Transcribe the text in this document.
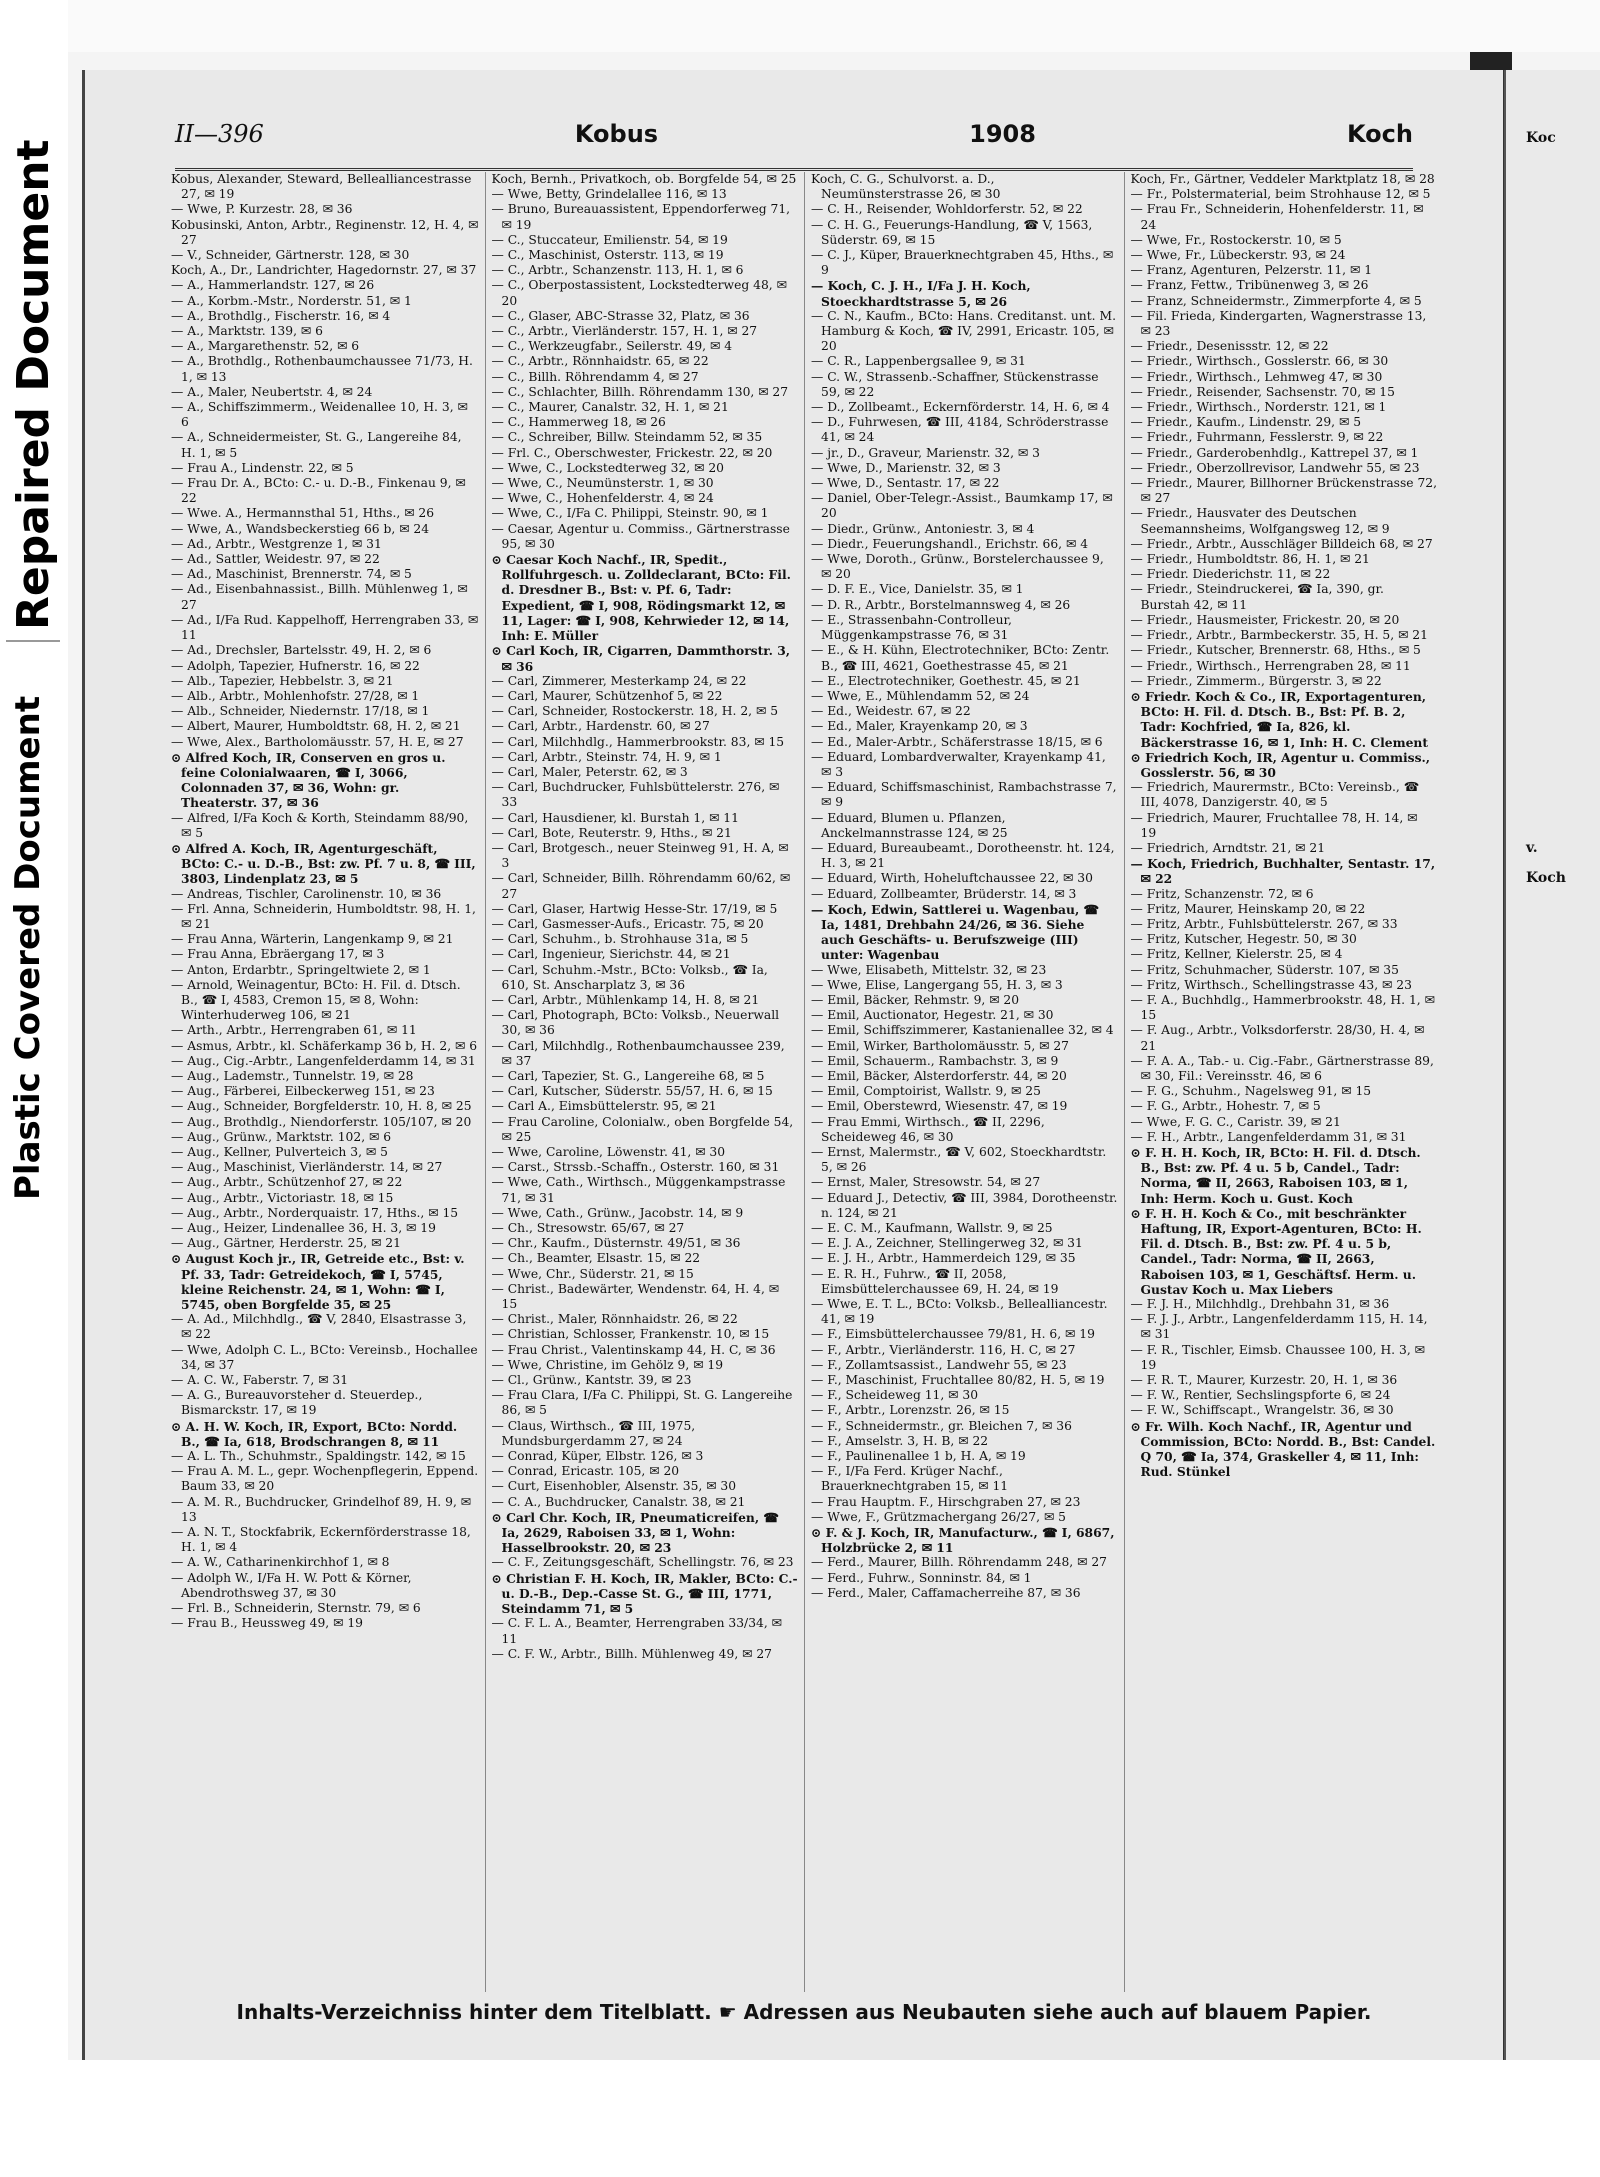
Repaired Document
Plastic Covered Document
II—396	Kobus	1908	Koch

Kobus, Alexander, Steward, Bellealliancestrasse 27, ✉ 19

— Wwe, P. Kurzestr. 28, ✉ 36

Kobusinski, Anton, Arbtr., Reginenstr. 12, H. 4, ✉ 27

— V., Schneider, Gärtnerstr. 128, ✉ 30

Koch, A., Dr., Landrichter, Hagedornstr. 27, ✉ 37

— A., Hammerlandstr. 127, ✉ 26

— A., Korbm.-Mstr., Norderstr. 51, ✉ 1

— A., Brothdlg., Fischerstr. 16, ✉ 4

— A., Marktstr. 139, ✉ 6

— A., Margarethenstr. 52, ✉ 6

— A., Brothdlg., Rothenbaumchaussee 71/73, H. 1, ✉ 13

— A., Maler, Neubertstr. 4, ✉ 24

— A., Schiffszimmerm., Weidenallee 10, H. 3, ✉ 6

— A., Schneidermeister, St. G., Langereihe 84, H. 1, ✉ 5

— Frau A., Lindenstr. 22, ✉ 5

— Frau Dr. A., BCto: C.- u. D.-B., Finkenau 9, ✉ 22

— Wwe. A., Hermannsthal 51, Hths., ✉ 26

— Wwe, A., Wandsbeckerstieg 66 b, ✉ 24

— Ad., Arbtr., Westgrenze 1, ✉ 31

— Ad., Sattler, Weidestr. 97, ✉ 22

— Ad., Maschinist, Brennerstr. 74, ✉ 5

— Ad., Eisenbahnassist., Billh. Mühlenweg 1, ✉ 27

— Ad., I/Fa Rud. Kappelhoff, Herrengraben 33, ✉ 11

— Ad., Drechsler, Bartelsstr. 49, H. 2, ✉ 6

— Adolph, Tapezier, Hufnerstr. 16, ✉ 22

— Alb., Tapezier, Hebbelstr. 3, ✉ 21

— Alb., Arbtr., Mohlenhofstr. 27/28, ✉ 1

— Alb., Schneider, Niedernstr. 17/18, ✉ 1

— Albert, Maurer, Humboldtstr. 68, H. 2, ✉ 21

— Wwe, Alex., Bartholomäusstr. 57, H. E, ✉ 27

⊙ Alfred Koch, IR, Conserven en gros u. feine Colonialwaaren, ☎ I, 3066, Colonnaden 37, ✉ 36, Wohn: gr. Theaterstr. 37, ✉ 36

— Alfred, I/Fa Koch & Korth, Steindamm 88/90, ✉ 5

⊙ Alfred A. Koch, IR, Agenturgeschäft, BCto: C.- u. D.-B., Bst: zw. Pf. 7 u. 8, ☎ III, 3803, Lindenplatz 23, ✉ 5

— Andreas, Tischler, Carolinenstr. 10, ✉ 36

— Frl. Anna, Schneiderin, Humboldtstr. 98, H. 1, ✉ 21

— Frau Anna, Wärterin, Langenkamp 9, ✉ 21

— Frau Anna, Ebräergang 17, ✉ 3

— Anton, Erdarbtr., Springeltwiete 2, ✉ 1

— Arnold, Weinagentur, BCto: H. Fil. d. Dtsch. B., ☎ I, 4583, Cremon 15, ✉ 8, Wohn: Winterhuderweg 106, ✉ 21

— Arth., Arbtr., Herrengraben 61, ✉ 11

— Asmus, Arbtr., kl. Schäferkamp 36 b, H. 2, ✉ 6

— Aug., Cig.-Arbtr., Langenfelderdamm 14, ✉ 31

— Aug., Lademstr., Tunnelstr. 19, ✉ 28

— Aug., Färberei, Eilbeckerweg 151, ✉ 23

— Aug., Schneider, Borgfelderstr. 10, H. 8, ✉ 25

— Aug., Brothdlg., Niendorferstr. 105/107, ✉ 20

— Aug., Grünw., Marktstr. 102, ✉ 6

— Aug., Kellner, Pulverteich 3, ✉ 5

— Aug., Maschinist, Vierländerstr. 14, ✉ 27

— Aug., Arbtr., Schützenhof 27, ✉ 22

— Aug., Arbtr., Victoriastr. 18, ✉ 15

— Aug., Arbtr., Norderquaistr. 17, Hths., ✉ 15

— Aug., Heizer, Lindenallee 36, H. 3, ✉ 19

— Aug., Gärtner, Herderstr. 25, ✉ 21

⊙ August Koch jr., IR, Getreide etc., Bst: v. Pf. 33, Tadr: Getreidekoch, ☎ I, 5745, kleine Reichenstr. 24, ✉ 1, Wohn: ☎ I, 5745, oben Borgfelde 35, ✉ 25

— A. Ad., Milchhdlg., ☎ V, 2840, Elsastrasse 3, ✉ 22

— Wwe, Adolph C. L., BCto: Vereinsb., Hochallee 34, ✉ 37

— A. C. W., Faberstr. 7, ✉ 31

— A. G., Bureauvorsteher d. Steuerdep., Bismarckstr. 17, ✉ 19

⊙ A. H. W. Koch, IR, Export, BCto: Nordd. B., ☎ Ia, 618, Brodschrangen 8, ✉ 11

— A. L. Th., Schuhmstr., Spaldingstr. 142, ✉ 15

— Frau A. M. L., gepr. Wochenpflegerin, Eppend. Baum 33, ✉ 20

— A. M. R., Buchdrucker, Grindelhof 89, H. 9, ✉ 13

— A. N. T., Stockfabrik, Eckernförderstrasse 18, H. 1, ✉ 4

— A. W., Catharinenkirchhof 1, ✉ 8

— Adolph W., I/Fa H. W. Pott & Körner, Abendrothsweg 37, ✉ 30

— Frl. B., Schneiderin, Sternstr. 79, ✉ 6

— Frau B., Heussweg 49, ✉ 19

Koch, Bernh., Privatkoch, ob. Borgfelde 54, ✉ 25

— Wwe, Betty, Grindelallee 116, ✉ 13

— Bruno, Bureauassistent, Eppendorferweg 71, ✉ 19

— C., Stuccateur, Emilienstr. 54, ✉ 19

— C., Maschinist, Osterstr. 113, ✉ 19

— C., Arbtr., Schanzenstr. 113, H. 1, ✉ 6

— C., Oberpostassistent, Lockstedterweg 48, ✉ 20

— C., Glaser, ABC-Strasse 32, Platz, ✉ 36

— C., Arbtr., Vierländerstr. 157, H. 1, ✉ 27

— C., Werkzeugfabr., Seilerstr. 49, ✉ 4

— C., Arbtr., Rönnhaidstr. 65, ✉ 22

— C., Billh. Röhrendamm 4, ✉ 27

— C., Schlachter, Billh. Röhrendamm 130, ✉ 27

— C., Maurer, Canalstr. 32, H. 1, ✉ 21

— C., Hammerweg 18, ✉ 26

— C., Schreiber, Billw. Steindamm 52, ✉ 35

— Frl. C., Oberschwester, Frickestr. 22, ✉ 20

— Wwe, C., Lockstedterweg 32, ✉ 20

— Wwe, C., Neumünsterstr. 1, ✉ 30

— Wwe, C., Hohenfelderstr. 4, ✉ 24

— Wwe, C., I/Fa C. Philippi, Steinstr. 90, ✉ 1

— Caesar, Agentur u. Commiss., Gärtnerstrasse 95, ✉ 30

⊙ Caesar Koch Nachf., IR, Spedit., Rollfuhrgesch. u. Zolldeclarant, BCto: Fil. d. Dresdner B., Bst: v. Pf. 6, Tadr: Expedient, ☎ I, 908, Rödingsmarkt 12, ✉ 11, Lager: ☎ I, 908, Kehrwieder 12, ✉ 14, Inh: E. Müller

⊙ Carl Koch, IR, Cigarren, Dammthorstr. 3, ✉ 36

— Carl, Zimmerer, Mesterkamp 24, ✉ 22

— Carl, Maurer, Schützenhof 5, ✉ 22

— Carl, Schneider, Rostockerstr. 18, H. 2, ✉ 5

— Carl, Arbtr., Hardenstr. 60, ✉ 27

— Carl, Milchhdlg., Hammerbrookstr. 83, ✉ 15

— Carl, Arbtr., Steinstr. 74, H. 9, ✉ 1

— Carl, Maler, Peterstr. 62, ✉ 3

— Carl, Buchdrucker, Fuhlsbüttelerstr. 276, ✉ 33

— Carl, Hausdiener, kl. Burstah 1, ✉ 11

— Carl, Bote, Reuterstr. 9, Hths., ✉ 21

— Carl, Brotgesch., neuer Steinweg 91, H. A, ✉ 3

— Carl, Schneider, Billh. Röhrendamm 60/62, ✉ 27

— Carl, Glaser, Hartwig Hesse-Str. 17/19, ✉ 5

— Carl, Gasmesser-Aufs., Ericastr. 75, ✉ 20

— Carl, Schuhm., b. Strohhause 31a, ✉ 5

— Carl, Ingenieur, Sierichstr. 44, ✉ 21

— Carl, Schuhm.-Mstr., BCto: Volksb., ☎ Ia, 610, St. Anscharplatz 3, ✉ 36

— Carl, Arbtr., Mühlenkamp 14, H. 8, ✉ 21

— Carl, Photograph, BCto: Volksb., Neuerwall 30, ✉ 36

— Carl, Milchhdlg., Rothenbaumchaussee 239, ✉ 37

— Carl, Tapezier, St. G., Langereihe 68, ✉ 5

— Carl, Kutscher, Süderstr. 55/57, H. 6, ✉ 15

— Carl A., Eimsbüttelerstr. 95, ✉ 21

— Frau Caroline, Colonialw., oben Borgfelde 54, ✉ 25

— Wwe, Caroline, Löwenstr. 41, ✉ 30

— Carst., Strssb.-Schaffn., Osterstr. 160, ✉ 31

— Wwe, Cath., Wirthsch., Müggenkampstrasse 71, ✉ 31

— Wwe, Cath., Grünw., Jacobstr. 14, ✉ 9

— Ch., Stresowstr. 65/67, ✉ 27

— Chr., Kaufm., Düsternstr. 49/51, ✉ 36

— Ch., Beamter, Elsastr. 15, ✉ 22

— Wwe, Chr., Süderstr. 21, ✉ 15

— Christ., Badewärter, Wendenstr. 64, H. 4, ✉ 15

— Christ., Maler, Rönnhaidstr. 26, ✉ 22

— Christian, Schlosser, Frankenstr. 10, ✉ 15

— Frau Christ., Valentinskamp 44, H. C, ✉ 36

— Wwe, Christine, im Gehölz 9, ✉ 19

— Cl., Grünw., Kantstr. 39, ✉ 23

— Frau Clara, I/Fa C. Philippi, St. G. Langereihe 86, ✉ 5

— Claus, Wirthsch., ☎ III, 1975, Mundsburgerdamm 27, ✉ 24

— Conrad, Küper, Elbstr. 126, ✉ 3

— Conrad, Ericastr. 105, ✉ 20

— Curt, Eisenhobler, Alsenstr. 35, ✉ 30

— C. A., Buchdrucker, Canalstr. 38, ✉ 21

⊙ Carl Chr. Koch, IR, Pneumaticreifen, ☎ Ia, 2629, Raboisen 33, ✉ 1, Wohn: Hasselbrookstr. 20, ✉ 23

— C. F., Zeitungsgeschäft, Schellingstr. 76, ✉ 23

⊙ Christian F. H. Koch, IR, Makler, BCto: C.- u. D.-B., Dep.-Casse St. G., ☎ III, 1771, Steindamm 71, ✉ 5

— C. F. L. A., Beamter, Herrengraben 33/34, ✉ 11

— C. F. W., Arbtr., Billh. Mühlenweg 49, ✉ 27

Koch, C. G., Schulvorst. a. D., Neumünsterstrasse 26, ✉ 30

— C. H., Reisender, Wohldorferstr. 52, ✉ 22

— C. H. G., Feuerungs-Handlung, ☎ V, 1563, Süderstr. 69, ✉ 15

— C. J., Küper, Brauerknechtgraben 45, Hths., ✉ 9

— Koch, C. J. H., I/Fa J. H. Koch, Stoeckhardtstrasse 5, ✉ 26

— C. N., Kaufm., BCto: Hans. Creditanst. unt. M. Hamburg & Koch, ☎ IV, 2991, Ericastr. 105, ✉ 20

— C. R., Lappenbergsallee 9, ✉ 31

— C. W., Strassenb.-Schaffner, Stückenstrasse 59, ✉ 22

— D., Zollbeamt., Eckernförderstr. 14, H. 6, ✉ 4

— D., Fuhrwesen, ☎ III, 4184, Schröderstrasse 41, ✉ 24

— jr., D., Graveur, Marienstr. 32, ✉ 3

— Wwe, D., Marienstr. 32, ✉ 3

— Wwe, D., Sentastr. 17, ✉ 22

— Daniel, Ober-Telegr.-Assist., Baumkamp 17, ✉ 20

— Diedr., Grünw., Antoniestr. 3, ✉ 4

— Diedr., Feuerungshandl., Erichstr. 66, ✉ 4

— Wwe, Doroth., Grünw., Borstelerchaussee 9, ✉ 20

— D. F. E., Vice, Danielstr. 35, ✉ 1

— D. R., Arbtr., Borstelmannsweg 4, ✉ 26

— E., Strassenbahn-Controlleur, Müggenkampstrasse 76, ✉ 31

— E., & H. Kühn, Electrotechniker, BCto: Zentr. B., ☎ III, 4621, Goethestrasse 45, ✉ 21

— E., Electrotechniker, Goethestr. 45, ✉ 21

— Wwe, E., Mühlendamm 52, ✉ 24

— Ed., Weidestr. 67, ✉ 22

— Ed., Maler, Krayenkamp 20, ✉ 3

— Ed., Maler-Arbtr., Schäferstrasse 18/15, ✉ 6

— Eduard, Lombardverwalter, Krayenkamp 41, ✉ 3

— Eduard, Schiffsmaschinist, Rambachstrasse 7, ✉ 9

— Eduard, Blumen u. Pflanzen, Anckelmannstrasse 124, ✉ 25

— Eduard, Bureaubeamt., Dorotheenstr. ht. 124, H. 3, ✉ 21

— Eduard, Wirth, Hoheluftchaussee 22, ✉ 30

— Eduard, Zollbeamter, Brüderstr. 14, ✉ 3

— Koch, Edwin, Sattlerei u. Wagenbau, ☎ Ia, 1481, Drehbahn 24/26, ✉ 36. Siehe auch Geschäfts- u. Berufszweige (III) unter: Wagenbau

— Wwe, Elisabeth, Mittelstr. 32, ✉ 23

— Wwe, Elise, Langergang 55, H. 3, ✉ 3

— Emil, Bäcker, Rehmstr. 9, ✉ 20

— Emil, Auctionator, Hegestr. 21, ✉ 30

— Emil, Schiffszimmerer, Kastanienallee 32, ✉ 4

— Emil, Wirker, Bartholomäusstr. 5, ✉ 27

— Emil, Schauerm., Rambachstr. 3, ✉ 9

— Emil, Bäcker, Alsterdorferstr. 44, ✉ 20

— Emil, Comptoirist, Wallstr. 9, ✉ 25

— Emil, Oberstewrd, Wiesenstr. 47, ✉ 19

— Frau Emmi, Wirthsch., ☎ II, 2296, Scheideweg 46, ✉ 30

— Ernst, Malermstr., ☎ V, 602, Stoeckhardtstr. 5, ✉ 26

— Ernst, Maler, Stresowstr. 54, ✉ 27

— Eduard J., Detectiv, ☎ III, 3984, Dorotheenstr. n. 124, ✉ 21

— E. C. M., Kaufmann, Wallstr. 9, ✉ 25

— E. J. A., Zeichner, Stellingerweg 32, ✉ 31

— E. J. H., Arbtr., Hammerdeich 129, ✉ 35

— E. R. H., Fuhrw., ☎ II, 2058, Eimsbüttelerchaussee 69, H. 24, ✉ 19

— Wwe, E. T. L., BCto: Volksb., Bellealliancestr. 41, ✉ 19

— F., Eimsbüttelerchaussee 79/81, H. 6, ✉ 19

— F., Arbtr., Vierländerstr. 116, H. C, ✉ 27

— F., Zollamtsassist., Landwehr 55, ✉ 23

— F., Maschinist, Fruchtallee 80/82, H. 5, ✉ 19

— F., Scheideweg 11, ✉ 30

— F., Arbtr., Lorenzstr. 26, ✉ 15

— F., Schneidermstr., gr. Bleichen 7, ✉ 36

— F., Amselstr. 3, H. B, ✉ 22

— F., Paulinenallee 1 b, H. A, ✉ 19

— F., I/Fa Ferd. Krüger Nachf., Brauerknechtgraben 15, ✉ 11

— Frau Hauptm. F., Hirschgraben 27, ✉ 23

— Wwe, F., Grützmachergang 26/27, ✉ 5

⊙ F. & J. Koch, IR, Manufacturw., ☎ I, 6867, Holzbrücke 2, ✉ 11

— Ferd., Maurer, Billh. Röhrendamm 248, ✉ 27

— Ferd., Fuhrw., Sonninstr. 84, ✉ 1

— Ferd., Maler, Caffamacherreihe 87, ✉ 36

Koch, Fr., Gärtner, Veddeler Marktplatz 18, ✉ 28

— Fr., Polstermaterial, beim Strohhause 12, ✉ 5

— Frau Fr., Schneiderin, Hohenfelderstr. 11, ✉ 24

— Wwe, Fr., Rostockerstr. 10, ✉ 5

— Wwe, Fr., Lübeckerstr. 93, ✉ 24

— Franz, Agenturen, Pelzerstr. 11, ✉ 1

— Franz, Fettw., Tribünenweg 3, ✉ 26

— Franz, Schneidermstr., Zimmerpforte 4, ✉ 5

— Fil. Frieda, Kindergarten, Wagnerstrasse 13, ✉ 23

— Friedr., Desenissstr. 12, ✉ 22

— Friedr., Wirthsch., Gosslerstr. 66, ✉ 30

— Friedr., Wirthsch., Lehmweg 47, ✉ 30

— Friedr., Reisender, Sachsenstr. 70, ✉ 15

— Friedr., Wirthsch., Norderstr. 121, ✉ 1

— Friedr., Kaufm., Lindenstr. 29, ✉ 5

— Friedr., Fuhrmann, Fesslerstr. 9, ✉ 22

— Friedr., Garderobenhdlg., Kattrepel 37, ✉ 1

— Friedr., Oberzollrevisor, Landwehr 55, ✉ 23

— Friedr., Maurer, Billhorner Brückenstrasse 72, ✉ 27

— Friedr., Hausvater des Deutschen Seemannsheims, Wolfgangsweg 12, ✉ 9

— Friedr., Arbtr., Ausschläger Billdeich 68, ✉ 27

— Friedr., Humboldtstr. 86, H. 1, ✉ 21

— Friedr. Diederichstr. 11, ✉ 22

— Friedr., Steindruckerei, ☎ Ia, 390, gr. Burstah 42, ✉ 11

— Friedr., Hausmeister, Frickestr. 20, ✉ 20

— Friedr., Arbtr., Barmbeckerstr. 35, H. 5, ✉ 21

— Friedr., Kutscher, Brennerstr. 68, Hths., ✉ 5

— Friedr., Wirthsch., Herrengraben 28, ✉ 11

— Friedr., Zimmerm., Bürgerstr. 3, ✉ 22

⊙ Friedr. Koch & Co., IR, Exportagenturen, BCto: H. Fil. d. Dtsch. B., Bst: Pf. B. 2, Tadr: Kochfried, ☎ Ia, 826, kl. Bäckerstrasse 16, ✉ 1, Inh: H. C. Clement

⊙ Friedrich Koch, IR, Agentur u. Commiss., Gosslerstr. 56, ✉ 30

— Friedrich, Maurermstr., BCto: Vereinsb., ☎ III, 4078, Danzigerstr. 40, ✉ 5

— Friedrich, Maurer, Fruchtallee 78, H. 14, ✉ 19

— Friedrich, Arndtstr. 21, ✉ 21

— Koch, Friedrich, Buchhalter, Sentastr. 17, ✉ 22

— Fritz, Schanzenstr. 72, ✉ 6

— Fritz, Maurer, Heinskamp 20, ✉ 22

— Fritz, Arbtr., Fuhlsbüttelerstr. 267, ✉ 33

— Fritz, Kutscher, Hegestr. 50, ✉ 30

— Fritz, Kellner, Kielerstr. 25, ✉ 4

— Fritz, Schuhmacher, Süderstr. 107, ✉ 35

— Fritz, Wirthsch., Schellingstrasse 43, ✉ 23

— F. A., Buchhdlg., Hammerbrookstr. 48, H. 1, ✉ 15

— F. Aug., Arbtr., Volksdorferstr. 28/30, H. 4, ✉ 21

— F. A. A., Tab.- u. Cig.-Fabr., Gärtnerstrasse 89, ✉ 30, Fil.: Vereinsstr. 46, ✉ 6

— F. G., Schuhm., Nagelsweg 91, ✉ 15

— F. G., Arbtr., Hohestr. 7, ✉ 5

— Wwe, F. G. C., Caristr. 39, ✉ 21

— F. H., Arbtr., Langenfelderdamm 31, ✉ 31

⊙ F. H. H. Koch, IR, BCto: H. Fil. d. Dtsch. B., Bst: zw. Pf. 4 u. 5 b, Candel., Tadr: Norma, ☎ II, 2663, Raboisen 103, ✉ 1, Inh: Herm. Koch u. Gust. Koch

⊙ F. H. H. Koch & Co., mit beschränkter Haftung, IR, Export-Agenturen, BCto: H. Fil. d. Dtsch. B., Bst: zw. Pf. 4 u. 5 b, Candel., Tadr: Norma, ☎ II, 2663, Raboisen 103, ✉ 1, Geschäftsf. Herm. u. Gustav Koch u. Max Liebers

— F. J. H., Milchhdlg., Drehbahn 31, ✉ 36

— F. J. J., Arbtr., Langenfelderdamm 115, H. 14, ✉ 31

— F. R., Tischler, Eimsb. Chaussee 100, H. 3, ✉ 19

— F. R. T., Maurer, Kurzestr. 20, H. 1, ✉ 36

— F. W., Rentier, Sechslingspforte 6, ✉ 24

— F. W., Schiffscapt., Wrangelstr. 36, ✉ 30

⊙ Fr. Wilh. Koch Nachf., IR, Agentur und Commission, BCto: Nordd. B., Bst: Candel. Q 70, ☎ Ia, 374, Graskeller 4, ✉ 11, Inh: Rud. Stünkel

Inhalts-Verzeichniss hinter dem Titelblatt. ☛ Adressen aus Neubauten siehe auch auf blauem Papier.
Koc
v.
Koch
